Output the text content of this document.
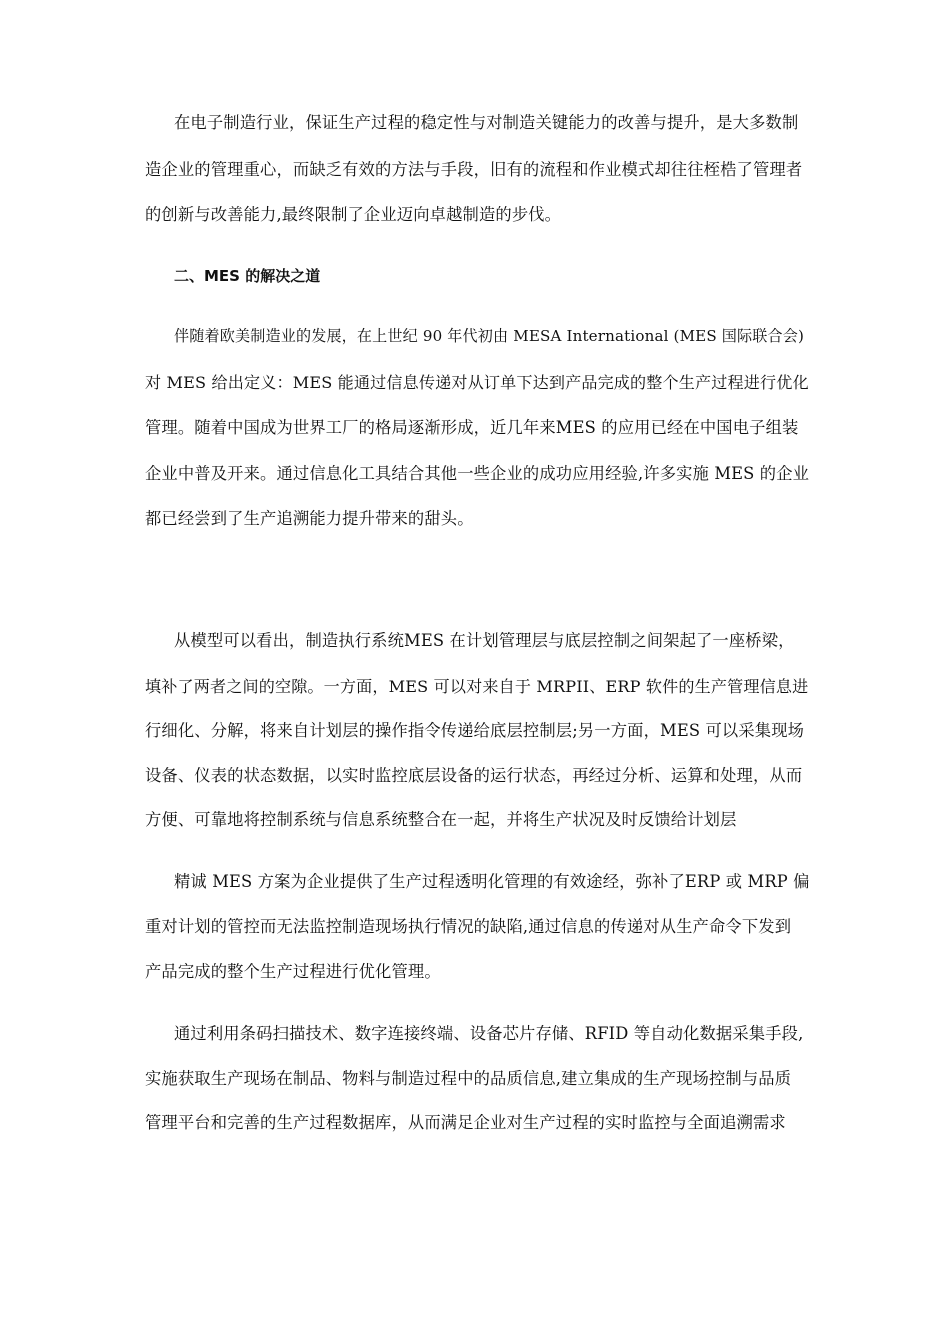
在电子制造行业，保证生产过程的稳定性与对制造关键能力的改善与提升，是大多数制
造企业的管理重心，而缺乏有效的方法与手段，旧有的流程和作业模式却往往桎梏了管理者
的创新与改善能力,最终限制了企业迈向卓越制造的步伐。
二、MES 的解决之道
伴随着欧美制造业的发展，在上世纪 90 年代初由 MESA International (MES 国际联合会)
对 MES 给出定义：MES 能通过信息传递对从订单下达到产品完成的整个生产过程进行优化
管理。随着中国成为世界工厂的格局逐渐形成，近几年来MES 的应用已经在中国电子组装
企业中普及开来。通过信息化工具结合其他一些企业的成功应用经验,许多实施 MES 的企业
都已经尝到了生产追溯能力提升带来的甜头。
从模型可以看出，制造执行系统MES 在计划管理层与底层控制之间架起了一座桥梁，
填补了两者之间的空隙。一方面，MES 可以对来自于 MRPII、ERP 软件的生产管理信息进
行细化、分解，将来自计划层的操作指令传递给底层控制层;另一方面，MES 可以采集现场
设备、仪表的状态数据，以实时监控底层设备的运行状态，再经过分析、运算和处理，从而
方便、可靠地将控制系统与信息系统整合在一起，并将生产状况及时反馈给计划层
精诚 MES 方案为企业提供了生产过程透明化管理的有效途经，弥补了ERP 或 MRP 偏
重对计划的管控而无法监控制造现场执行情况的缺陷,通过信息的传递对从生产命令下发到
产品完成的整个生产过程进行优化管理。
通过利用条码扫描技术、数字连接终端、设备芯片存储、RFID 等自动化数据采集手段,
实施获取生产现场在制品、物料与制造过程中的品质信息,建立集成的生产现场控制与品质
管理平台和完善的生产过程数据库，从而满足企业对生产过程的实时监控与全面追溯需求
